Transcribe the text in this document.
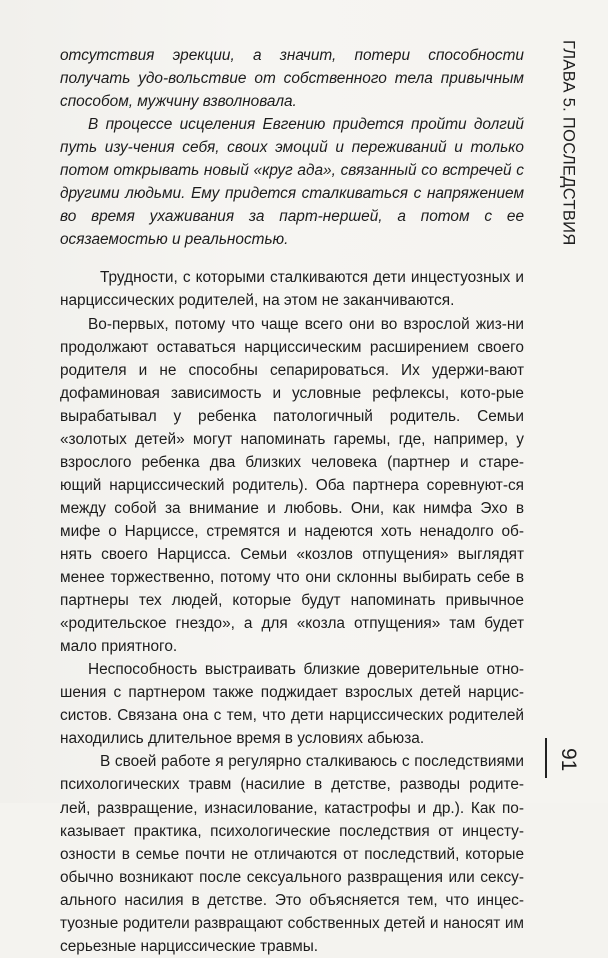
отсутствия эрекции, а значит, потери способности получать удо-вольствие от собственного тела привычным способом, мужчину взволновала.

В процессе исцеления Евгению придется пройти долгий путь изу-чения себя, своих эмоций и переживаний и только потом открывать новый «круг ада», связанный со встречей с другими людьми. Ему придется сталкиваться с напряжением во время ухаживания за парт-нершей, а потом с ее осязаемостью и реальностью.

Трудности, с которыми сталкиваются дети инцестуозных и нарциссических родителей, на этом не заканчиваются.

Во-первых, потому что чаще всего они во взрослой жиз-ни продолжают оставаться нарциссическим расширением своего родителя и не способны сепарироваться. Их удержи-вают дофаминовая зависимость и условные рефлексы, кото-рые вырабатывал у ребенка патологичный родитель. Семьи «золотых детей» могут напоминать гаремы, где, например, у взрослого ребенка два близких человека (партнер и старе-ющий нарциссический родитель). Оба партнера соревнуют-ся между собой за внимание и любовь. Они, как нимфа Эхо в мифе о Нарциссе, стремятся и надеются хоть ненадолго об-нять своего Нарцисса. Семьи «козлов отпущения» выглядят менее торжественно, потому что они склонны выбирать себе в партнеры тех людей, которые будут напоминать привычное «родительское гнездо», а для «козла отпущения» там будет мало приятного.

Неспособность выстраивать близкие доверительные отно-шения с партнером также поджидает взрослых детей нарцис-систов. Связана она с тем, что дети нарциссических родителей находились длительное время в условиях абьюза.

В своей работе я регулярно сталкиваюсь с последствиями психологических травм (насилие в детстве, разводы родите-лей, развращение, изнасилование, катастрофы и др.). Как по-казывает практика, психологические последствия от инцесту-озности в семье почти не отличаются от последствий, которые обычно возникают после сексуального развращения или сексу-ального насилия в детстве. Это объясняется тем, что инцес-туозные родители развращают собственных детей и наносят им серьезные нарциссические травмы.

ГЛАВА 5. ПОСЛЕДСТВИЯ
91
